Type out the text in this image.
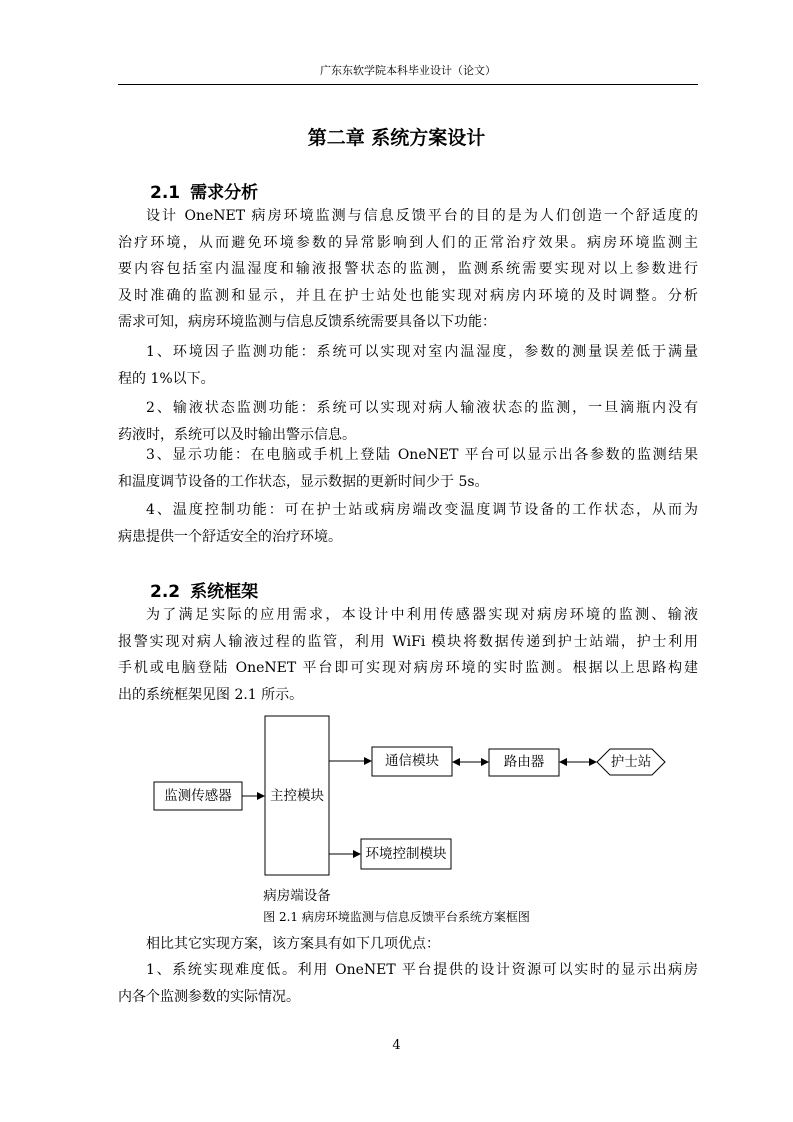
广东东软学院本科毕业设计（论文）
第二章 系统方案设计
2.1 需求分析
设计 OneNET 病房环境监测与信息反馈平台的目的是为人们创造一个舒适度的
治疗环境，从而避免环境参数的异常影响到人们的正常治疗效果。病房环境监测主
要内容包括室内温湿度和输液报警状态的监测，监测系统需要实现对以上参数进行
及时准确的监测和显示，并且在护士站处也能实现对病房内环境的及时调整。分析
需求可知，病房环境监测与信息反馈系统需要具备以下功能：
1、环境因子监测功能：系统可以实现对室内温湿度，参数的测量误差低于满量
程的 1%以下。
2、输液状态监测功能：系统可以实现对病人输液状态的监测，一旦滴瓶内没有
药液时，系统可以及时输出警示信息。
3、显示功能：在电脑或手机上登陆 OneNET 平台可以显示出各参数的监测结果
和温度调节设备的工作状态，显示数据的更新时间少于 5s。
4、温度控制功能：可在护士站或病房端改变温度调节设备的工作状态，从而为
病患提供一个舒适安全的治疗环境。
2.2 系统框架
为了满足实际的应用需求，本设计中利用传感器实现对病房环境的监测、输液
报警实现对病人输液过程的监管，利用 WiFi 模块将数据传递到护士站端，护士利用
手机或电脑登陆 OneNET 平台即可实现对病房环境的实时监测。根据以上思路构建
出的系统框架见图 2.1 所示。
监测传感器	主控模块
通信模块	路由器	护士站
环境控制模块
病房端设备
图 2.1 病房环境监测与信息反馈平台系统方案框图
相比其它实现方案，该方案具有如下几项优点：
1、系统实现难度低。利用 OneNET 平台提供的设计资源可以实时的显示出病房
内各个监测参数的实际情况。
4
